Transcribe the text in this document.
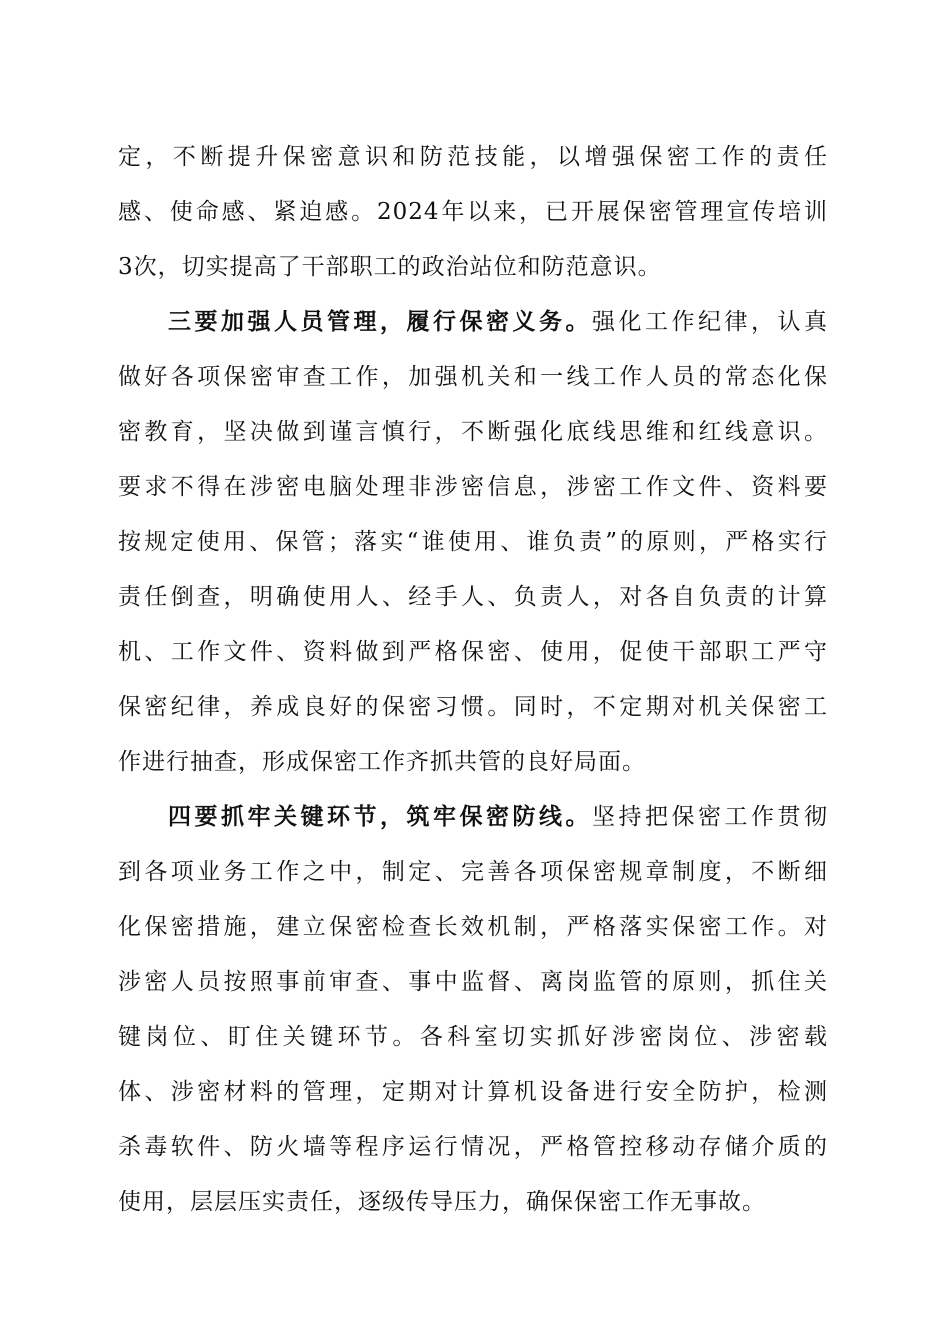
定，不断提升保密意识和防范技能，以增强保密工作的责任
感、使命感、紧迫感。2024年以来，已开展保密管理宣传培训
3次，切实提高了干部职工的政治站位和防范意识。
三要加强人员管理，履行保密义务。强化工作纪律，认真
做好各项保密审查工作，加强机关和一线工作人员的常态化保
密教育，坚决做到谨言慎行，不断强化底线思维和红线意识。
要求不得在涉密电脑处理非涉密信息，涉密工作文件、资料要
按规定使用、保管；落实“谁使用、谁负责”的原则，严格实行
责任倒查，明确使用人、经手人、负责人，对各自负责的计算
机、工作文件、资料做到严格保密、使用，促使干部职工严守
保密纪律，养成良好的保密习惯。同时，不定期对机关保密工
作进行抽查，形成保密工作齐抓共管的良好局面。
四要抓牢关键环节，筑牢保密防线。坚持把保密工作贯彻
到各项业务工作之中，制定、完善各项保密规章制度，不断细
化保密措施，建立保密检查长效机制，严格落实保密工作。对
涉密人员按照事前审查、事中监督、离岗监管的原则，抓住关
键岗位、盯住关键环节。各科室切实抓好涉密岗位、涉密载
体、涉密材料的管理，定期对计算机设备进行安全防护，检测
杀毒软件、防火墙等程序运行情况，严格管控移动存储介质的
使用，层层压实责任，逐级传导压力，确保保密工作无事故。
